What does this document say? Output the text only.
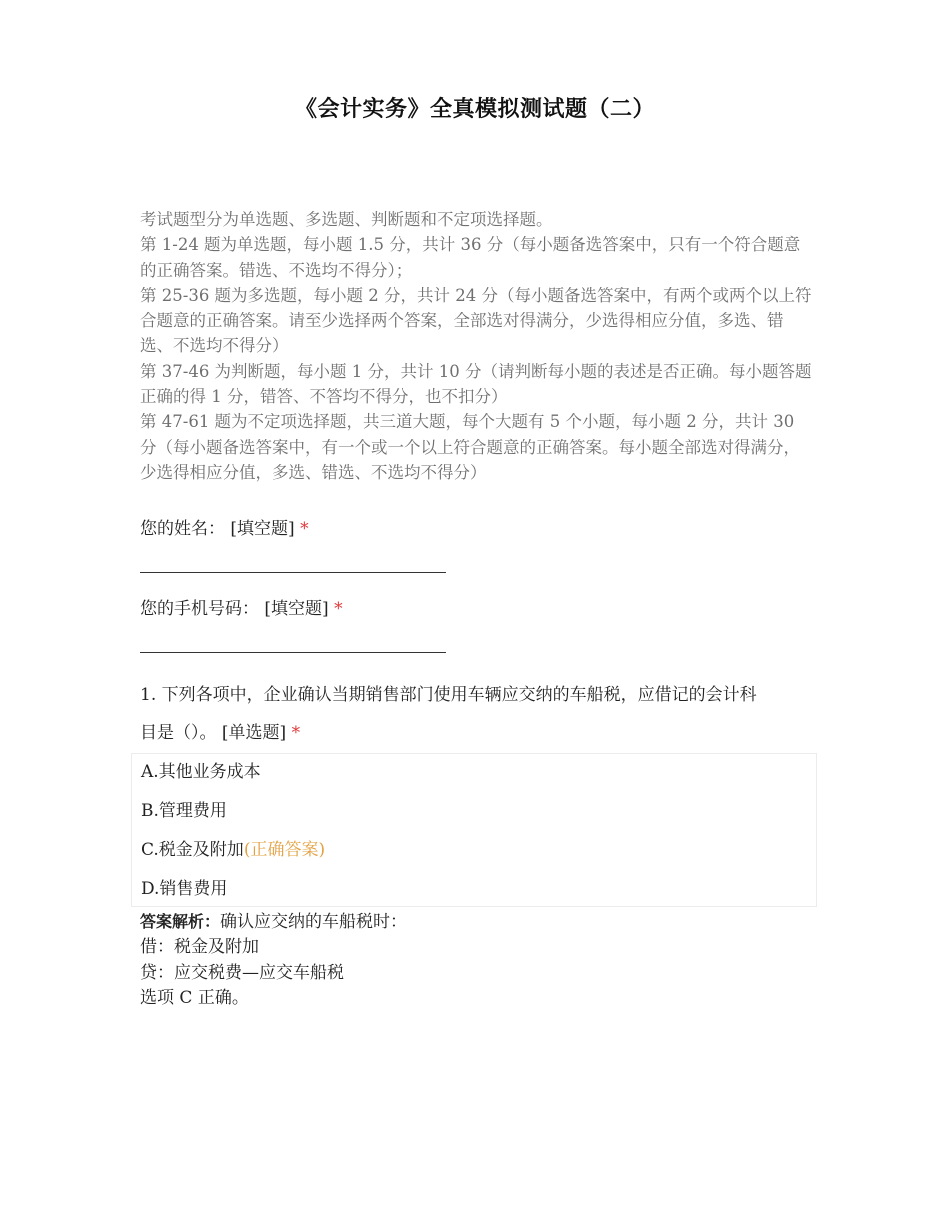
《会计实务》全真模拟测试题（二）

考试题型分为单选题、多选题、判断题和不定项选择题。

第 1-24 题为单选题，每小题 1.5 分，共计 36 分（每小题备选答案中，只有一个符合题意的正确答案。错选、不选均不得分）；

第 25-36 题为多选题，每小题 2 分，共计 24 分（每小题备选答案中，有两个或两个以上符合题意的正确答案。请至少选择两个答案，全部选对得满分，少选得相应分值，多选、错选、不选均不得分）

第 37-46 为判断题，每小题 1 分，共计 10 分（请判断每小题的表述是否正确。每小题答题正确的得 1 分，错答、不答均不得分，也不扣分）

第 47-61 题为不定项选择题，共三道大题，每个大题有 5 个小题，每小题 2 分，共计 30 分（每小题备选答案中，有一个或一个以上符合题意的正确答案。每小题全部选对得满分，少选得相应分值，多选、错选、不选均不得分）

您的姓名： [填空题] *
您的手机号码： [填空题] *

1. 下列各项中，企业确认当期销售部门使用车辆应交纳的车船税，应借记的会计科

目是（）。 [单选题] *

A.其他业务成本
B.管理费用
C.税金及附加(正确答案)
D.销售费用

答案解析：确认应交纳的车船税时：

借：税金及附加

贷：应交税费—应交车船税

选项 C 正确。
